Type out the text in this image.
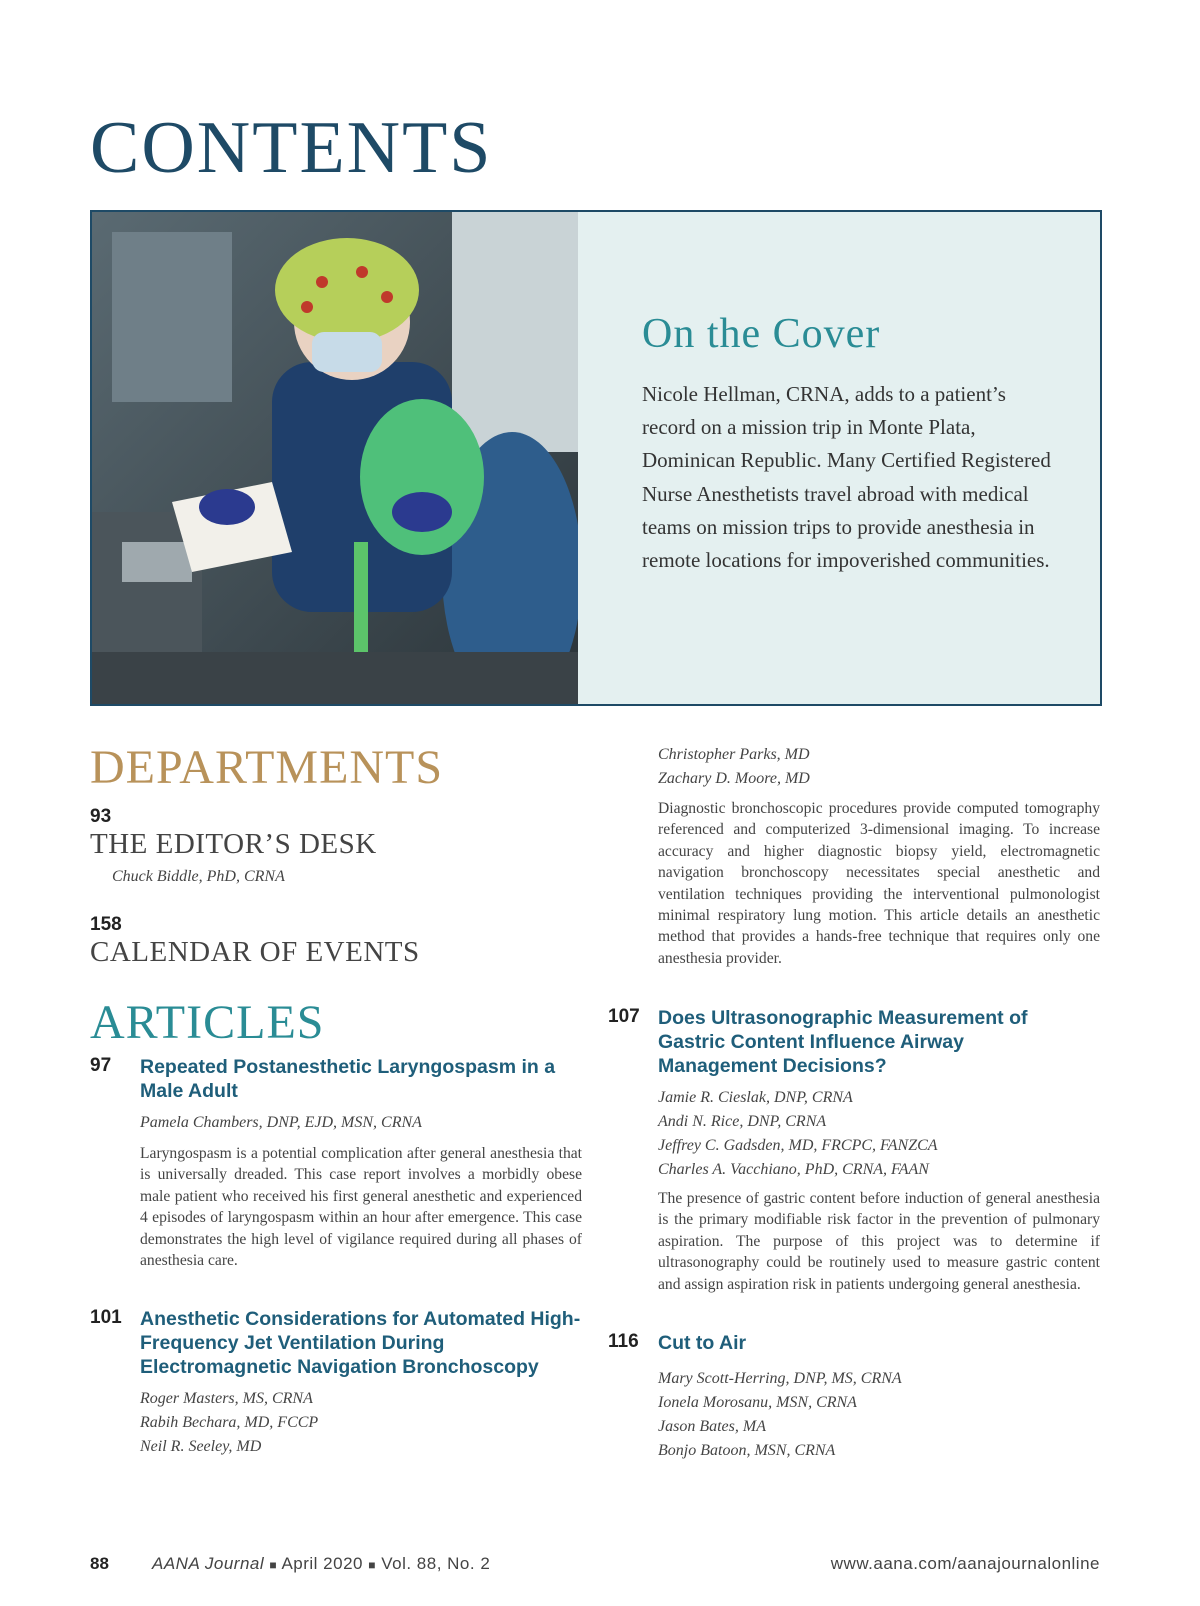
CONTENTS
On the Cover
Nicole Hellman, CRNA, adds to a patient’s record on a mission trip in Monte Plata, Dominican Republic. Many Certified Registered Nurse Anesthetists travel abroad with medical teams on mission trips to provide anesthesia in remote locations for impoverished communities.
DEPARTMENTS
93
THE EDITOR’S DESK
Chuck Biddle, PhD, CRNA
158
CALENDAR OF EVENTS
ARTICLES
97 Repeated Postanesthetic Laryngospasm in a Male Adult
Pamela Chambers, DNP, EJD, MSN, CRNA
Laryngospasm is a potential complication after general anesthesia that is universally dreaded. This case report involves a morbidly obese male patient who received his first general anesthetic and experienced 4 episodes of laryngospasm within an hour after emergence. This case demonstrates the high level of vigilance required during all phases of anesthesia care.
101 Anesthetic Considerations for Automated High-Frequency Jet Ventilation During Electromagnetic Navigation Bronchoscopy
Roger Masters, MS, CRNA
Rabih Bechara, MD, FCCP
Neil R. Seeley, MD
Christopher Parks, MD
Zachary D. Moore, MD
Diagnostic bronchoscopic procedures provide computed tomography referenced and computerized 3-dimensional imaging. To increase accuracy and higher diagnostic biopsy yield, electromagnetic navigation bronchoscopy necessitates special anesthetic and ventilation techniques providing the interventional pulmonologist minimal respiratory lung motion. This article details an anesthetic method that provides a hands-free technique that requires only one anesthesia provider.
107 Does Ultrasonographic Measurement of Gastric Content Influence Airway Management Decisions?
Jamie R. Cieslak, DNP, CRNA
Andi N. Rice, DNP, CRNA
Jeffrey C. Gadsden, MD, FRCPC, FANZCA
Charles A. Vacchiano, PhD, CRNA, FAAN
The presence of gastric content before induction of general anesthesia is the primary modifiable risk factor in the prevention of pulmonary aspiration. The purpose of this project was to determine if ultrasonography could be routinely used to measure gastric content and assign aspiration risk in patients undergoing general anesthesia.
116 Cut to Air
Mary Scott-Herring, DNP, MS, CRNA
Ionela Morosanu, MSN, CRNA
Jason Bates, MA
Bonjo Batoon, MSN, CRNA
88	AANA Journal ■ April 2020 ■ Vol. 88, No. 2	www.aana.com/aanajournalonline
